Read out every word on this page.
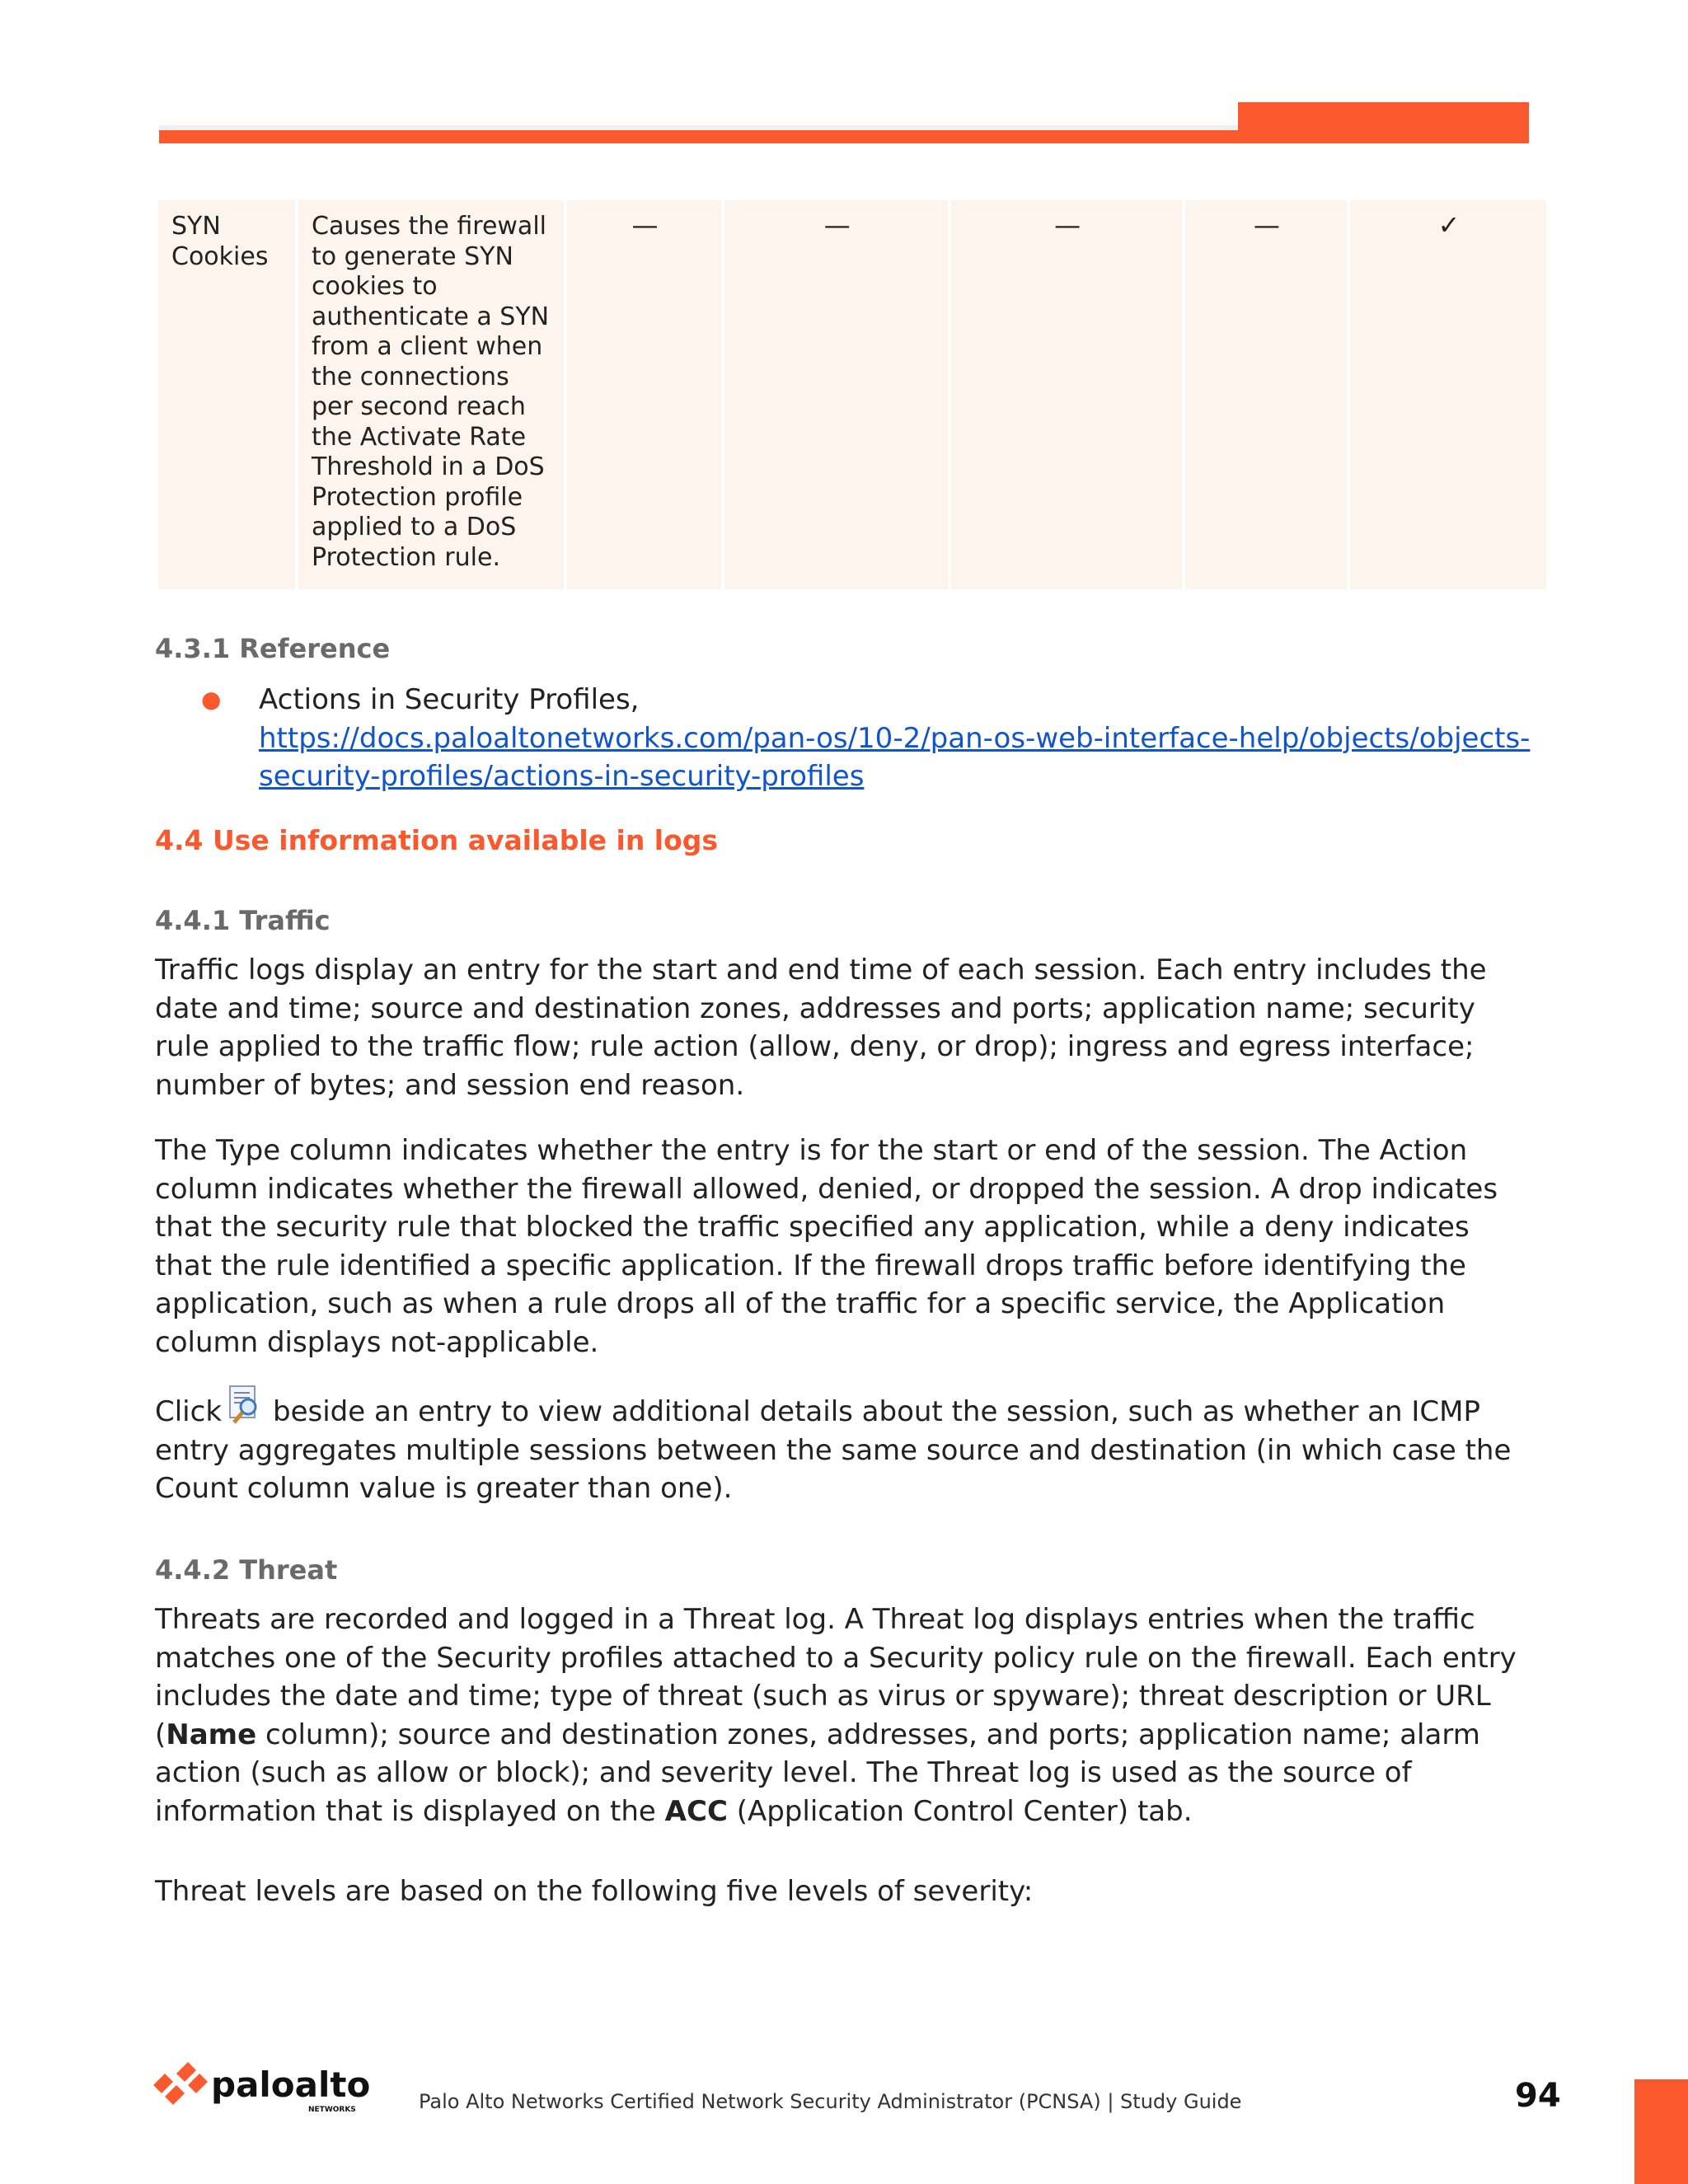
SYN Cookies	Causes the firewall to generate SYN cookies to authenticate a SYN from a client when the connections per second reach the Activate Rate Threshold in a DoS Protection profile applied to a DoS Protection rule.	—	—	—	—	✓
4.3.1 Reference
● Actions in Security Profiles,
https://docs.paloaltonetworks.com/pan-os/10-2/pan-os-web-interface-help/objects/objects-security-profiles/actions-in-security-profiles
4.4 Use information available in logs
4.4.1 Traffic

Traffic logs display an entry for the start and end time of each session. Each entry includes the date and time; source and destination zones, addresses and ports; application name; security rule applied to the traffic flow; rule action (allow, deny, or drop); ingress and egress interface; number of bytes; and session end reason.

The Type column indicates whether the entry is for the start or end of the session. The Action column indicates whether the firewall allowed, denied, or dropped the session. A drop indicates that the security rule that blocked the traffic specified any application, while a deny indicates that the rule identified a specific application. If the firewall drops traffic before identifying the application, such as when a rule drops all of the traffic for a specific service, the Application column displays not-applicable.

Click beside an entry to view additional details about the session, such as whether an ICMP entry aggregates multiple sessions between the same source and destination (in which case the Count column value is greater than one).

4.4.2 Threat

Threats are recorded and logged in a Threat log. A Threat log displays entries when the traffic matches one of the Security profiles attached to a Security policy rule on the firewall. Each entry includes the date and time; type of threat (such as virus or spyware); threat description or URL (Name column); source and destination zones, addresses, and ports; application name; alarm action (such as allow or block); and severity level. The Threat log is used as the source of information that is displayed on the ACC (Application Control Center) tab.

Threat levels are based on the following five levels of severity:

paloalto
NETWORKS	Palo Alto Networks Certified Network Security Administrator (PCNSA) | Study Guide	94
